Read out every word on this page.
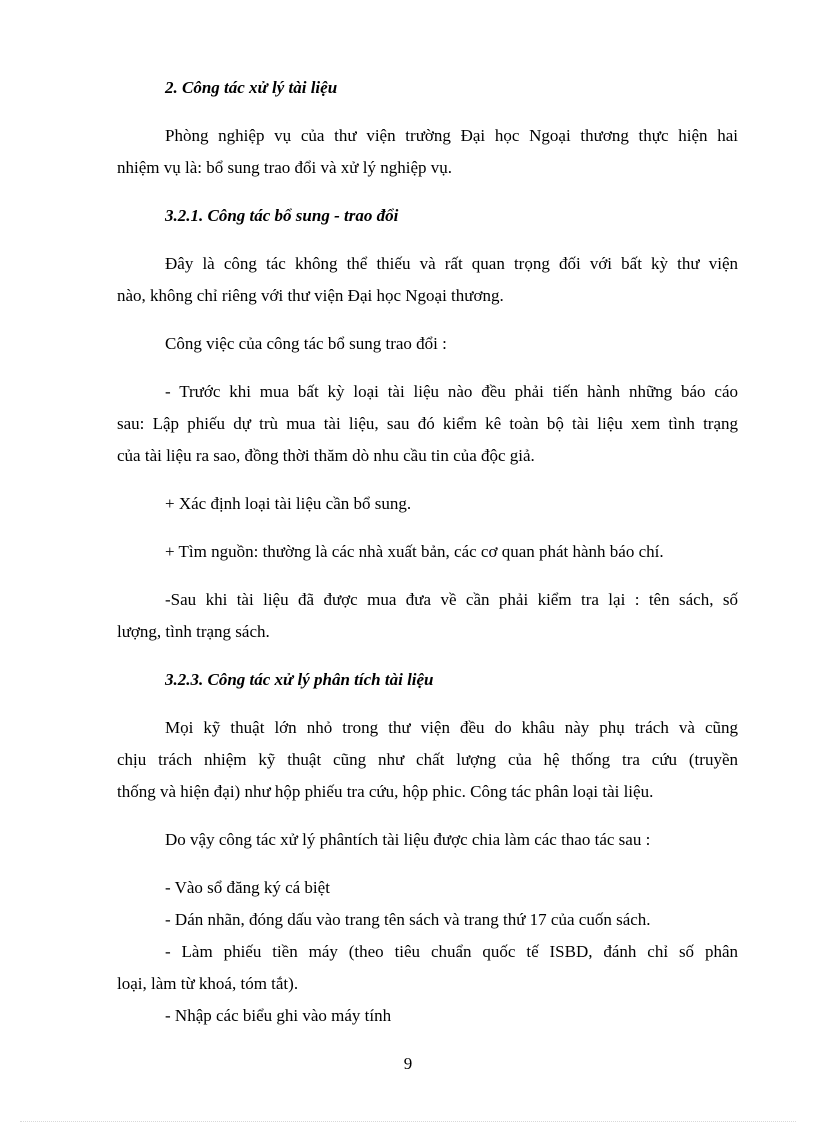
2. Công tác xử lý tài liệu
Phòng nghiệp vụ của thư viện trường Đại học Ngoại thương thực hiện hai
nhiệm vụ là: bổ sung trao đổi và xử lý nghiệp vụ.
3.2.1. Công tác bổ sung - trao đổi
Đây là công tác không thể thiếu và rất quan trọng đối với bất kỳ thư viện
nào, không chỉ riêng với thư viện Đại học Ngoại thương.
Công việc của công tác bổ sung trao đổi :
- Trước khi mua bất kỳ loại tài liệu nào đều phải tiến hành những báo cáo
sau: Lập phiếu dự trù mua tài liệu, sau đó kiểm kê toàn bộ tài liệu xem tình trạng
của tài liệu ra sao, đồng thời thăm dò nhu cầu tin của độc giả.
+ Xác định loại tài liệu cần bổ sung.
+ Tìm nguồn: thường là các nhà xuất bản, các cơ quan phát hành báo chí.
-Sau khi tài liệu đã được mua đưa về cần phải kiểm tra lại : tên sách, số
lượng, tình trạng sách.
3.2.3. Công tác xử lý phân tích tài liệu
Mọi kỹ thuật lớn nhỏ trong thư viện đều do khâu này phụ trách và cũng
chịu trách nhiệm kỹ thuật cũng như chất lượng của hệ thống tra cứu (truyền
thống và hiện đại) như hộp phiếu tra cứu, hộp phic. Công tác phân loại tài liệu.
Do vậy công tác xử lý phântích tài liệu được chia làm các thao tác sau :
- Vào sổ đăng ký cá biệt
- Dán nhãn, đóng dấu vào trang tên sách và trang thứ 17 của cuốn sách.
- Làm phiếu tiền máy (theo tiêu chuẩn quốc tế ISBD, đánh chỉ số phân
loại, làm từ khoá, tóm tắt).
- Nhập các biểu ghi vào máy tính
9
